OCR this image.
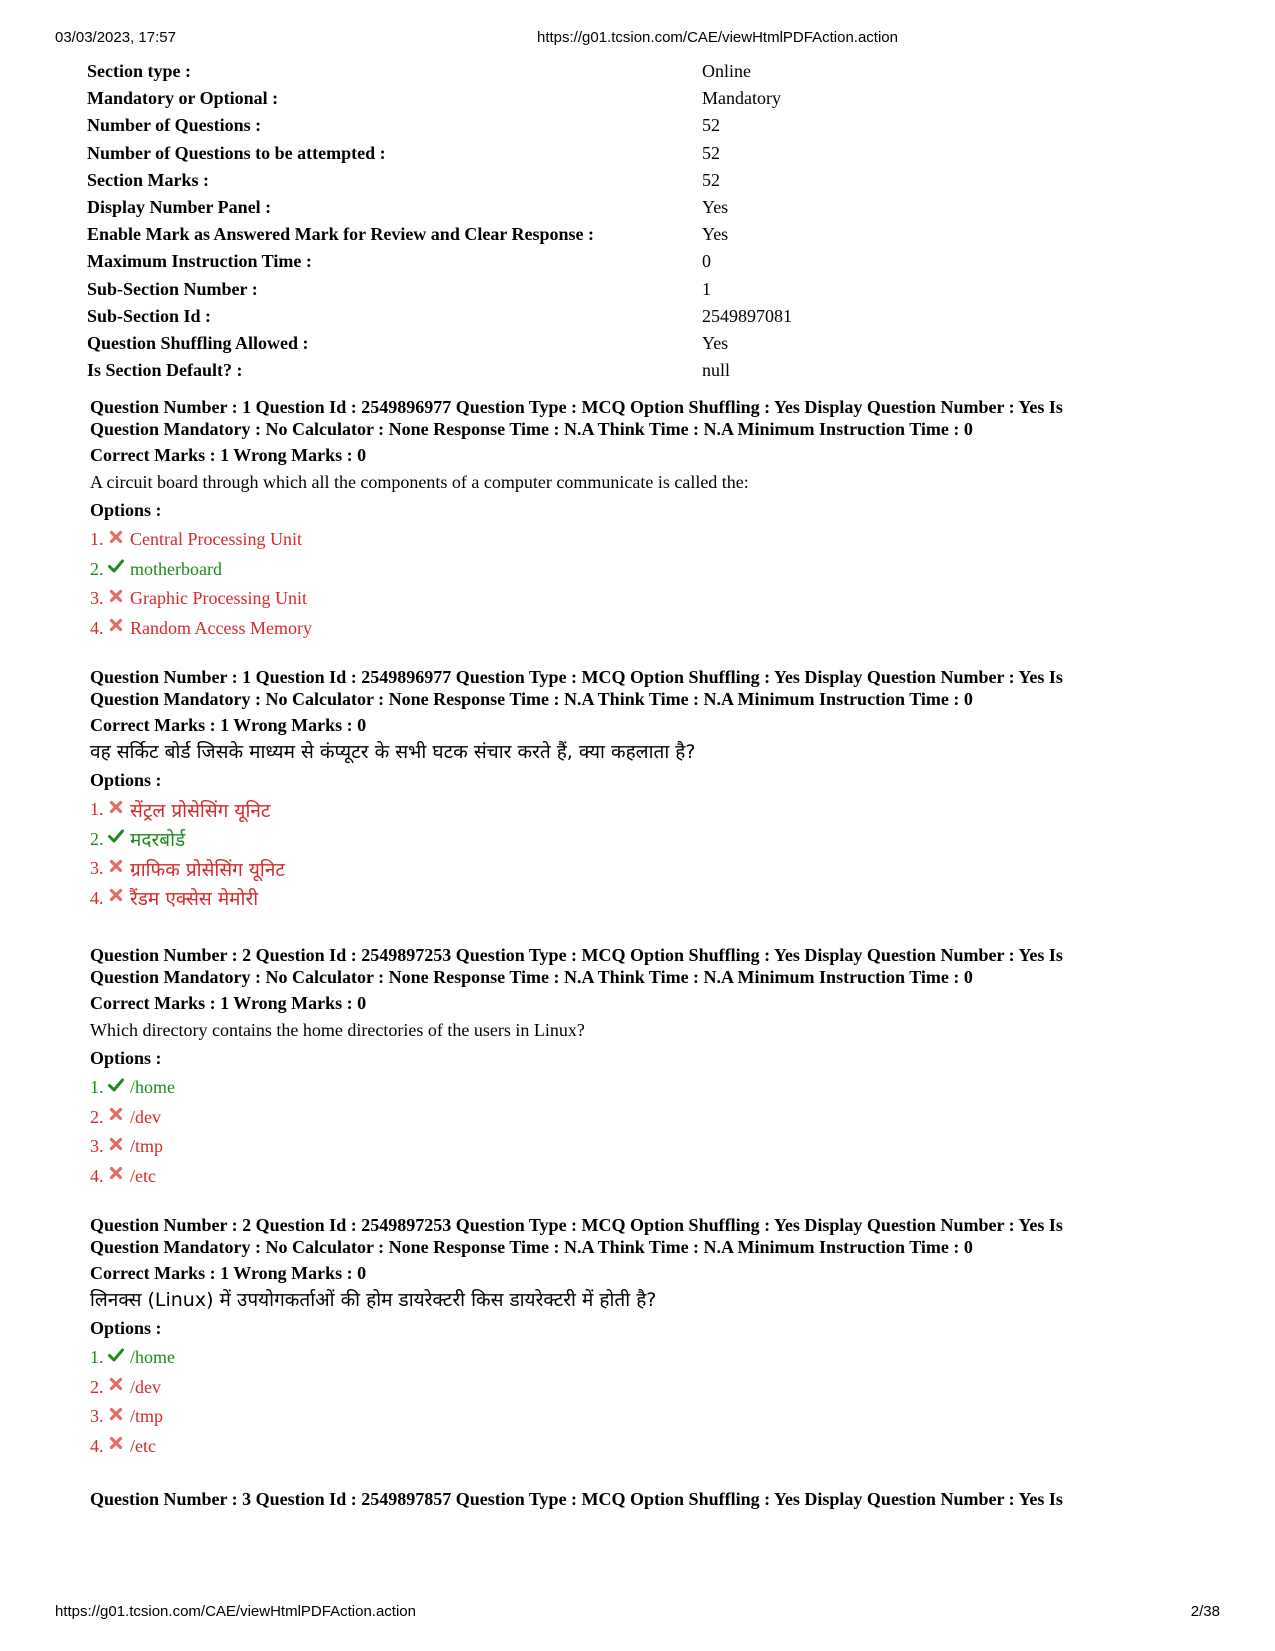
03/03/2023, 17:57	https://g01.tcsion.com/CAE/viewHtmlPDFAction.action
Section type :	Online
Mandatory or Optional :	Mandatory
Number of Questions :	52
Number of Questions to be attempted :	52
Section Marks :	52
Display Number Panel :	Yes
Enable Mark as Answered Mark for Review and Clear Response :	Yes
Maximum Instruction Time :	0
Sub-Section Number :	1
Sub-Section Id :	2549897081
Question Shuffling Allowed :	Yes
Is Section Default? :	null
Question Number : 1 Question Id : 2549896977 Question Type : MCQ Option Shuffling : Yes Display Question Number : Yes Is
Question Mandatory : No Calculator : None Response Time : N.A Think Time : N.A Minimum Instruction Time : 0
Correct Marks : 1 Wrong Marks : 0
A circuit board through which all the components of a computer communicate is called the:
Options :
1. Central Processing Unit
2. motherboard
3. Graphic Processing Unit
4. Random Access Memory
Question Number : 1 Question Id : 2549896977 Question Type : MCQ Option Shuffling : Yes Display Question Number : Yes Is
Question Mandatory : No Calculator : None Response Time : N.A Think Time : N.A Minimum Instruction Time : 0
Correct Marks : 1 Wrong Marks : 0
वह सर्किट बोर्ड जिसके माध्यम से कंप्यूटर के सभी घटक संचार करते हैं, क्या कहलाता है?
Options :
1. सेंट्रल प्रोसेसिंग यूनिट
2. मदरबोर्ड
3. ग्राफिक प्रोसेसिंग यूनिट
4. रैंडम एक्सेस मेमोरी
Question Number : 2 Question Id : 2549897253 Question Type : MCQ Option Shuffling : Yes Display Question Number : Yes Is
Question Mandatory : No Calculator : None Response Time : N.A Think Time : N.A Minimum Instruction Time : 0
Correct Marks : 1 Wrong Marks : 0
Which directory contains the home directories of the users in Linux?
Options :
1. /home
2. /dev
3. /tmp
4. /etc
Question Number : 2 Question Id : 2549897253 Question Type : MCQ Option Shuffling : Yes Display Question Number : Yes Is
Question Mandatory : No Calculator : None Response Time : N.A Think Time : N.A Minimum Instruction Time : 0
Correct Marks : 1 Wrong Marks : 0
लिनक्स (Linux) में उपयोगकर्ताओं की होम डायरेक्टरी किस डायरेक्टरी में होती है?
Options :
1. /home
2. /dev
3. /tmp
4. /etc
Question Number : 3 Question Id : 2549897857 Question Type : MCQ Option Shuffling : Yes Display Question Number : Yes Is
https://g01.tcsion.com/CAE/viewHtmlPDFAction.action	2/38
